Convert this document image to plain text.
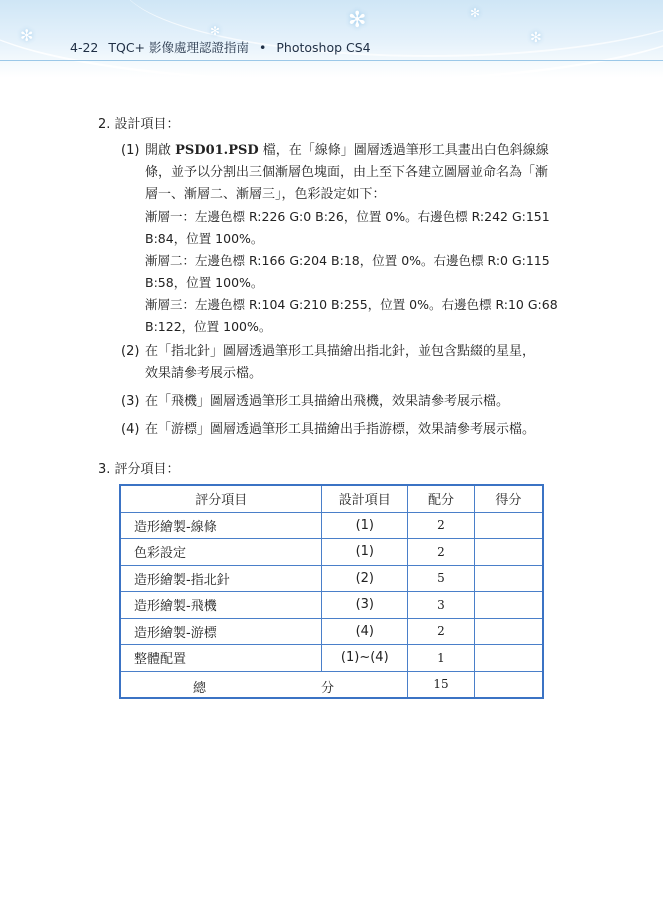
✻
✻
✻
✻
✻
4-22 TQC+ 影像處理認證指南 • Photoshop CS4
2. 設計項目：
(1) 開啟 PSD01.PSD 檔，在「線條」圖層透過筆形工具畫出白色斜線線
條，並予以分割出三個漸層色塊面，由上至下各建立圖層並命名為「漸
層一、漸層二、漸層三」，色彩設定如下：
漸層一：左邊色標 R:226 G:0 B:26，位置 0%。右邊色標 R:242 G:151
B:84，位置 100%。
漸層二：左邊色標 R:166 G:204 B:18，位置 0%。右邊色標 R:0 G:115
B:58，位置 100%。
漸層三：左邊色標 R:104 G:210 B:255，位置 0%。右邊色標 R:10 G:68
B:122，位置 100%。
(2) 在「指北針」圖層透過筆形工具描繪出指北針，並包含點綴的星星，
效果請參考展示檔。
(3) 在「飛機」圖層透過筆形工具描繪出飛機，效果請參考展示檔。
(4) 在「游標」圖層透過筆形工具描繪出手指游標，效果請參考展示檔。
3. 評分項目：
評分項目	設計項目	配分	得分
造形繪製-線條	(1)	2	
色彩設定	(1)	2	
造形繪製-指北針	(2)	5	
造形繪製-飛機	(3)	3	
造形繪製-游標	(4)	2	
整體配置	(1)~(4)	1	

總 分		15	
